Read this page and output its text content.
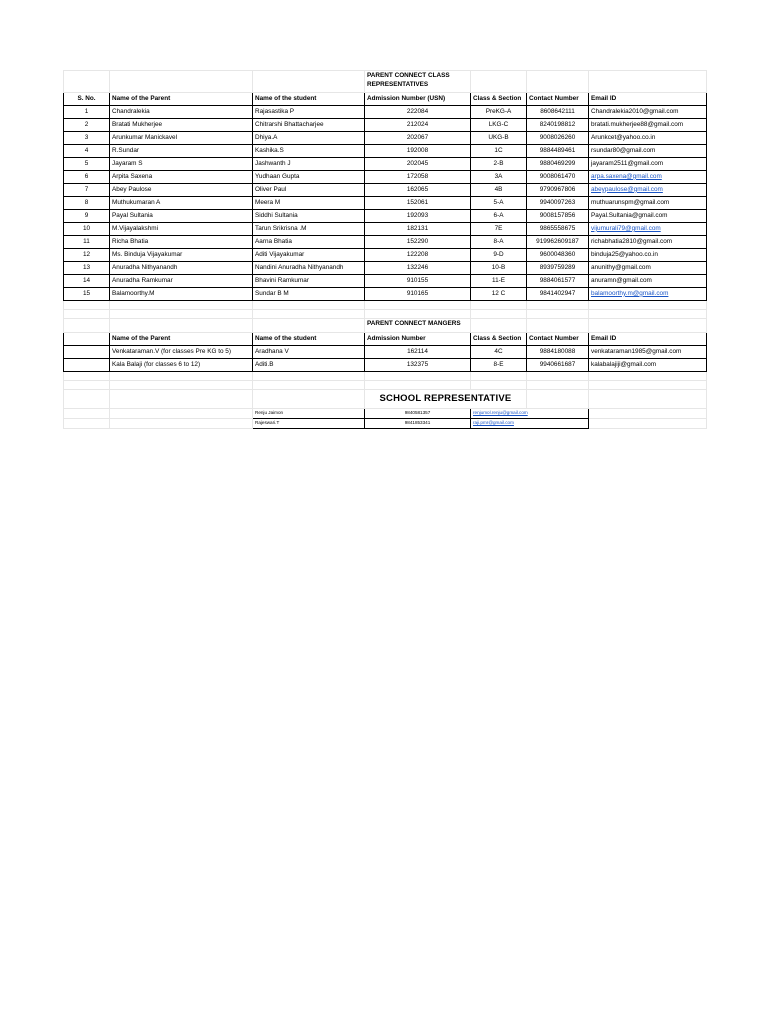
			PARENT CONNECT CLASS REPRESENTATIVES			
S. No.	Name of the Parent	Name of the student	Admission Number (USN)	Class & Section	Contact Number	Email ID
1	Chandralekia	Rajasastika P	222084	PreKG-A	8608642111	Chandralekia2010@gmail.com
2	Bratati Mukherjee	Chitrarshi Bhattacharjee	212024	LKG-C	8240198812	bratati.mukherjee88@gmail.com
3	Arunkumar Manickavel	Dhiya.A	202067	UKG-B	9008026260	Arunkcet@yahoo.co.in
4	R.Sundar	Kashika.S	192008	1C	9884489461	rsundar80@gmail.com
5	Jayaram S	Jashwanth J	202045	2-B	9880469299	jayaram2511@gmail.com
6	Arpita Saxena	Yudhaan Gupta	172058	3A	9008061470	arpa.saxena@gmail.com
7	Abey Paulose	Oliver Paul	162065	4B	9790967806	abeypaulose@gmail.com
8	Muthukumaran A	Meera M	152061	5-A	9940097263	muthuarunspm@gmail.com
9	Payal Sultania	Siddhi Sultania	192093	6-A	9008157856	Payal.Sultania@gmail.com
10	M.Vijayalakshmi	Tarun Srikrisna .M	182131	7E	9865558675	vijumurali79@gmail.com
11	Richa Bhatia	Aarna Bhatia	152290	8-A	919962609187	richabhatia2810@gmail.com
12	Ms. Binduja Vijayakumar	Aditi Vijayakumar	122208	9-D	9600048360	binduja25@yahoo.co.in
13	Anuradha Nithyanandh	Nandini Anuradha Nithyanandh	132246	10-B	8939759289	anunithy@gmail.com
14	Anuradha Ramkumar	Bhavini Ramkumar	910155	11-E	9884061577	anuramn@gmail.com
15	Balamoorthy.M	Sundar B M	910165	12 C	9841402947	balamoorthy.m@gmail.com

			PARENT CONNECT MANGERS			
	Name of the Parent	Name of the student	Admission Number	Class & Section	Contact Number	Email ID
	Venkataraman.V (for classes Pre KG to 5)	Aradhana V	162114	4C	9884180088	venkataraman1985@gmail.com
	Kala Balaji (for classes 6 to 12)	Aditi.B	132375	8-E	9940661687	kalabalajiji@gmail.com

			SCHOOL REPRESENTATIVE			
		Renju Jaimon	9840581357	renjumol.renju@gmail.com		
		Rajeswari.T	9841853341	raji.pmr@gmail.com		
